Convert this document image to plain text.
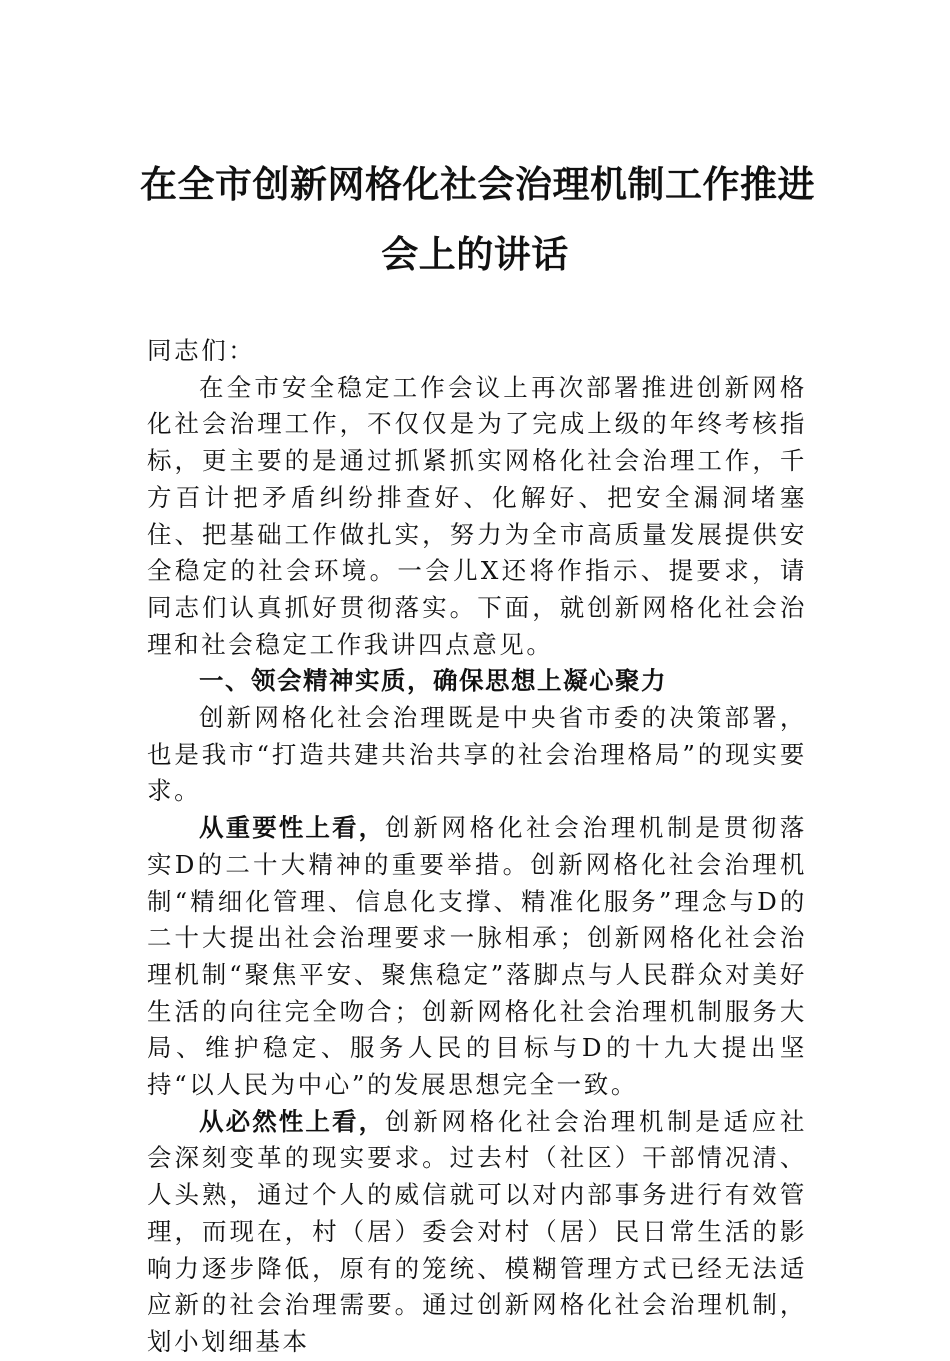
在全市创新网格化社会治理机制工作推进
会上的讲话

同志们：

在全市安全稳定工作会议上再次部署推进创新网格化社会治理工作，不仅仅是为了完成上级的年终考核指标，更主要的是通过抓紧抓实网格化社会治理工作，千方百计把矛盾纠纷排查好、化解好、把安全漏洞堵塞住、把基础工作做扎实，努力为全市高质量发展提供安全稳定的社会环境。一会儿X还将作指示、提要求，请同志们认真抓好贯彻落实。下面，就创新网格化社会治理和社会稳定工作我讲四点意见。

一、领会精神实质，确保思想上凝心聚力

创新网格化社会治理既是中央省市委的决策部署，也是我市“打造共建共治共享的社会治理格局”的现实要求。

从重要性上看，创新网格化社会治理机制是贯彻落实D的二十大精神的重要举措。创新网格化社会治理机制“精细化管理、信息化支撑、精准化服务”理念与D的二十大提出社会治理要求一脉相承；创新网格化社会治理机制“聚焦平安、聚焦稳定”落脚点与人民群众对美好生活的向往完全吻合；创新网格化社会治理机制服务大局、维护稳定、服务人民的目标与D的十九大提出坚持“以人民为中心”的发展思想完全一致。

从必然性上看，创新网格化社会治理机制是适应社会深刻变革的现实要求。过去村（社区）干部情况清、人头熟，通过个人的威信就可以对内部事务进行有效管理，而现在，村（居）委会对村（居）民日常生活的影响力逐步降低，原有的笼统、模糊管理方式已经无法适应新的社会治理需要。通过创新网格化社会治理机制，划小划细基本
